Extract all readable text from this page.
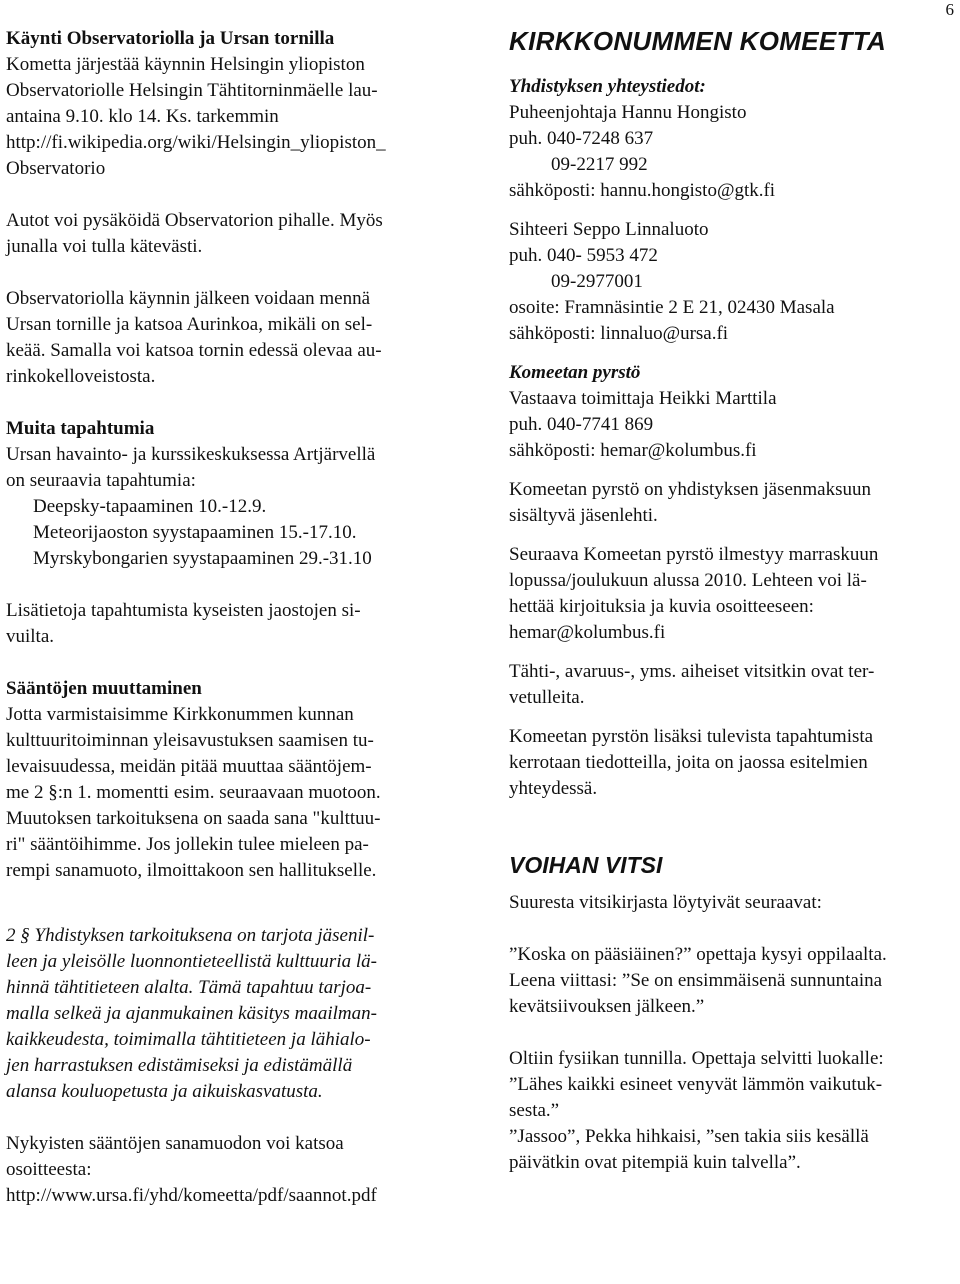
6
Käynti Observatoriolla ja Ursan tornilla
Kometta järjestää käynnin Helsingin yliopiston
Observatoriolle Helsingin Tähtitorninmäelle lau-
antaina 9.10. klo 14. Ks. tarkemmin
http://fi.wikipedia.org/wiki/Helsingin_yliopiston_
Observatorio
Autot voi pysäköidä Observatorion pihalle. Myös
junalla voi tulla kätevästi.
Observatoriolla käynnin jälkeen voidaan mennä
Ursan tornille ja katsoa Aurinkoa, mikäli on sel-
keää. Samalla voi katsoa tornin edessä olevaa au-
rinkokelloveistosta.
Muita tapahtumia
Ursan havainto- ja kurssikeskuksessa Artjärvellä
on seuraavia tapahtumia:
Deepsky-tapaaminen 10.-12.9.
Meteorijaoston syystapaaminen 15.-17.10.
Myrskybongarien syystapaaminen 29.-31.10
Lisätietoja tapahtumista kyseisten jaostojen si-
vuilta.
Sääntöjen muuttaminen
Jotta varmistaisimme Kirkkonummen kunnan
kulttuuritoiminnan yleisavustuksen saamisen tu-
levaisuudessa, meidän pitää muuttaa sääntöjem-
me 2 §:n 1. momentti esim. seuraavaan muotoon.
Muutoksen tarkoituksena on saada sana "kulttuu-
ri" sääntöihimme. Jos jollekin tulee mieleen pa-
rempi sanamuoto, ilmoittakoon sen hallitukselle.
2 § Yhdistyksen tarkoituksena on tarjota jäsenil-
leen ja yleisölle luonnontieteellistä kulttuuria lä-
hinnä tähtitieteen alalta. Tämä tapahtuu tarjoa-
malla selkeä ja ajanmukainen käsitys maailman-
kaikkeudesta, toimimalla tähtitieteen ja lähialo-
jen harrastuksen edistämiseksi ja edistämällä
alansa kouluopetusta ja aikuiskasvatusta.
Nykyisten sääntöjen sanamuodon voi katsoa
osoitteesta:
http://www.ursa.fi/yhd/komeetta/pdf/saannot.pdf
KIRKKONUMMEN KOMEETTA
Yhdistyksen yhteystiedot:
Puheenjohtaja Hannu Hongisto
puh. 040-7248 637
09-2217 992
sähköposti: hannu.hongisto@gtk.fi
Sihteeri Seppo Linnaluoto
puh. 040- 5953 472
09-2977001
osoite: Framnäsintie 2 E 21, 02430 Masala
sähköposti: linnaluo@ursa.fi
Komeetan pyrstö
Vastaava toimittaja Heikki Marttila
puh. 040-7741 869
sähköposti: hemar@kolumbus.fi
Komeetan pyrstö on yhdistyksen jäsenmaksuun
sisältyvä jäsenlehti.
Seuraava Komeetan pyrstö ilmestyy marraskuun
lopussa/joulukuun alussa 2010. Lehteen voi lä-
hettää kirjoituksia ja kuvia osoitteeseen:
hemar@kolumbus.fi
Tähti-, avaruus-, yms. aiheiset vitsitkin ovat ter-
vetulleita.
Komeetan pyrstön lisäksi tulevista tapahtumista
kerrotaan tiedotteilla, joita on jaossa esitelmien
yhteydessä.
VOIHAN VITSI
Suuresta vitsikirjasta löytyivät seuraavat:
”Koska on pääsiäinen?” opettaja kysyi oppilaalta.
Leena viittasi: ”Se on ensimmäisenä sunnuntaina
kevätsiivouksen jälkeen.”
Oltiin fysiikan tunnilla. Opettaja selvitti luokalle:
”Lähes kaikki esineet venyvät lämmön vaikutuk-
sesta.”
”Jassoo”, Pekka hihkaisi, ”sen takia siis kesällä
päivätkin ovat pitempiä kuin talvella”.
